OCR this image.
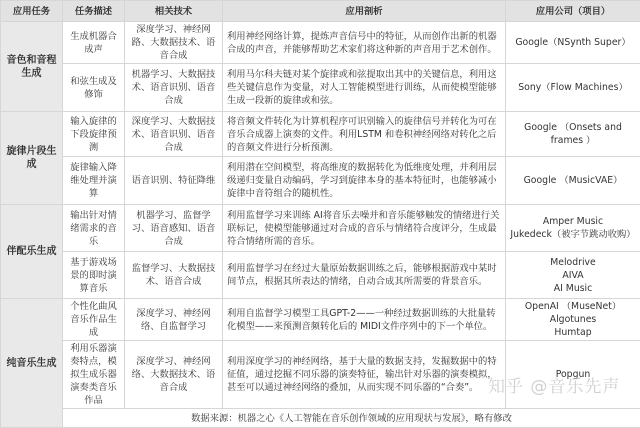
应用任务	任务描述	相关技术	应用剖析	应用公司（项目）
音色和音程生成	生成机器合成声	深度学习、神经网路、大数据技术、语音合成	利用神经网络计算，提炼声音信号中的特征，从而创作出新的机器合成的声音，并能够帮助艺术家们将这种新的声音用于艺术创作。	Google（NSynth Super）

	和弦生成及修饰	机器学习、大数据技术、语音识别、语音合成	利用马尔科夫链对某个旋律或和弦提取出其中的关键信息，利用这些关键信息作为变量，对人工智能模型进行训练，从而使模型能够生成一段新的旋律或和弦。	Sony（Flow Machines）

旋律片段生成	输入旋律的下段旋律预测	深度学习、大数据技术、语音识别、语音合成	将音频文件转化为计算机程序可识别输入的旋律信号并转化为可在音乐合成器上演奏的文件。利用LSTM 和卷积神经网络对转化之后的音频文件进行分析预测。	Google （Onsets and frames ）

	旋律输入降维处理并演算	语音识别、特征降维	利用潜在空间模型，将高维度的数据转化为低维度处理，并利用层级递归变量自动编码，学习到旋律本身的基本特征时，也能够减小旋律中音符组合的随机性。	Google （MusicVAE）

伴配乐生成	输出针对情绪需求的音乐	机器学习、监督学习、语音感知、语音合成	利用监督学习来训练 AI将音乐去噪并和音乐能够触发的情绪进行关联标记，使模型能够通过对合成的音乐与情绪符合度评分，生成最符合情绪所需的音乐。	Amper Music
Jukedeck（被字节跳动收购）

	基于游戏场景的即时演算音乐	监督学习、大数据技术、语音合成	利用监督学习在经过大量原始数据训练之后，能够根据游戏中某时间节点，根据其所表达的情绪，自动合成其所需要的背景音乐。	Melodrive
AIVA
AI Music

纯音乐生成	个性化曲风音乐作品生成	深度学习、神经网络、自监督学习	利用自监督学习模型工具GPT-2——一种经过数据训练的大批量转化模型——来预测音频转化后的 MIDI文件序列中的下一个单位。	OpenAI （MuseNet）
Algotunes
Humtap

	利用乐器演奏特点，模拟生成乐器演奏类音乐作品	深度学习、神经网络、大数据技术、语音合成	利用深度学习的神经网络，基于大量的数据支持，发掘数据中的特征值，通过挖掘不同乐器的演奏特征，输出针对乐器的演奏模拟，甚至可以通过神经网络的叠加，从而实现不同乐器的“合奏”。	Popgun

	数据来源：机器之心《人工智能在音乐创作领域的应用现状与发展》，略有修改			
知乎 @音乐先声
